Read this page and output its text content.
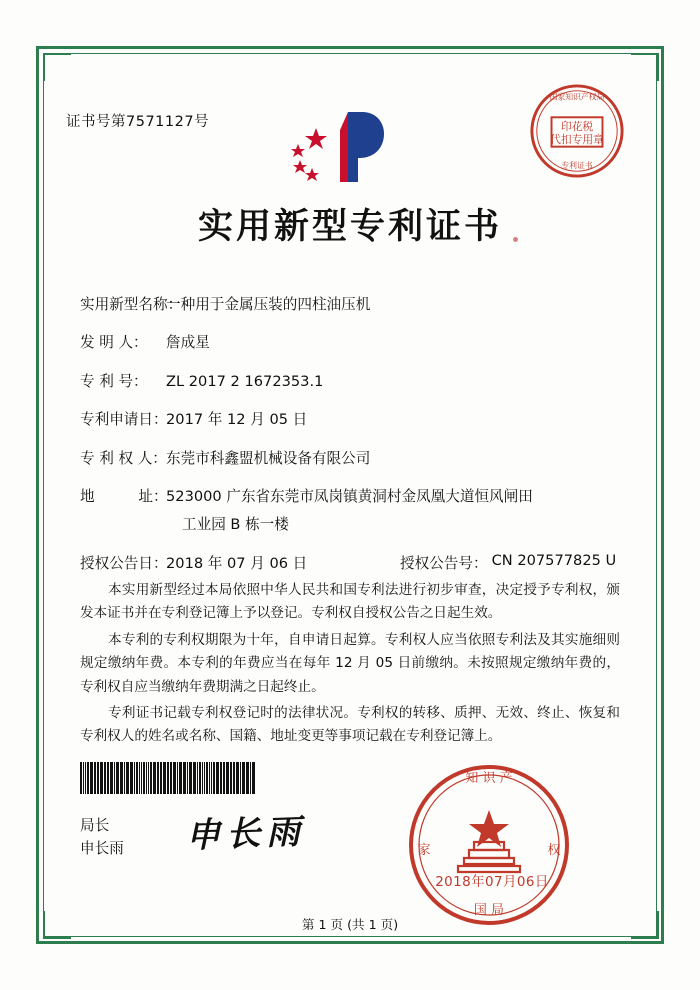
证书号第7571127号	印花税
代扣专用章
国家知识产权局
专利证书
实用新型专利证书
实用新型名称：
一种用于金属压装的四柱油压机
发 明 人：	詹成星
专 利 号：	ZL 2017 2 1672353.1
专利申请日：
2017 年 12 月 05 日
专 利 权 人： 东莞市科鑫盟机械设备有限公司
地　　　址：
523000 广东省东莞市凤岗镇黄洞村金凤凰大道恒风闸田
工业园 B 栋一楼
授权公告日：
2018 年 07 月 06 日	授权公告号： CN 207577825 U

本实用新型经过本局依照中华人民共和国专利法进行初步审查，决定授予专利权，颁发本证书并在专利登记簿上予以登记。专利权自授权公告之日起生效。

本专利的专利权期限为十年，自申请日起算。专利权人应当依照专利法及其实施细则规定缴纳年费。本专利的年费应当在每年 12 月 05 日前缴纳。未按照规定缴纳年费的，专利权自应当缴纳年费期满之日起终止。

专利证书记载专利权登记时的法律状况。专利权的转移、质押、无效、终止、恢复和专利权人的姓名或名称、国籍、地址变更等事项记载在专利登记簿上。

局长
申长雨 申长雨
知 识 产
家	权
国 局
2018年07月06日
第 1 页 (共 1 页)
